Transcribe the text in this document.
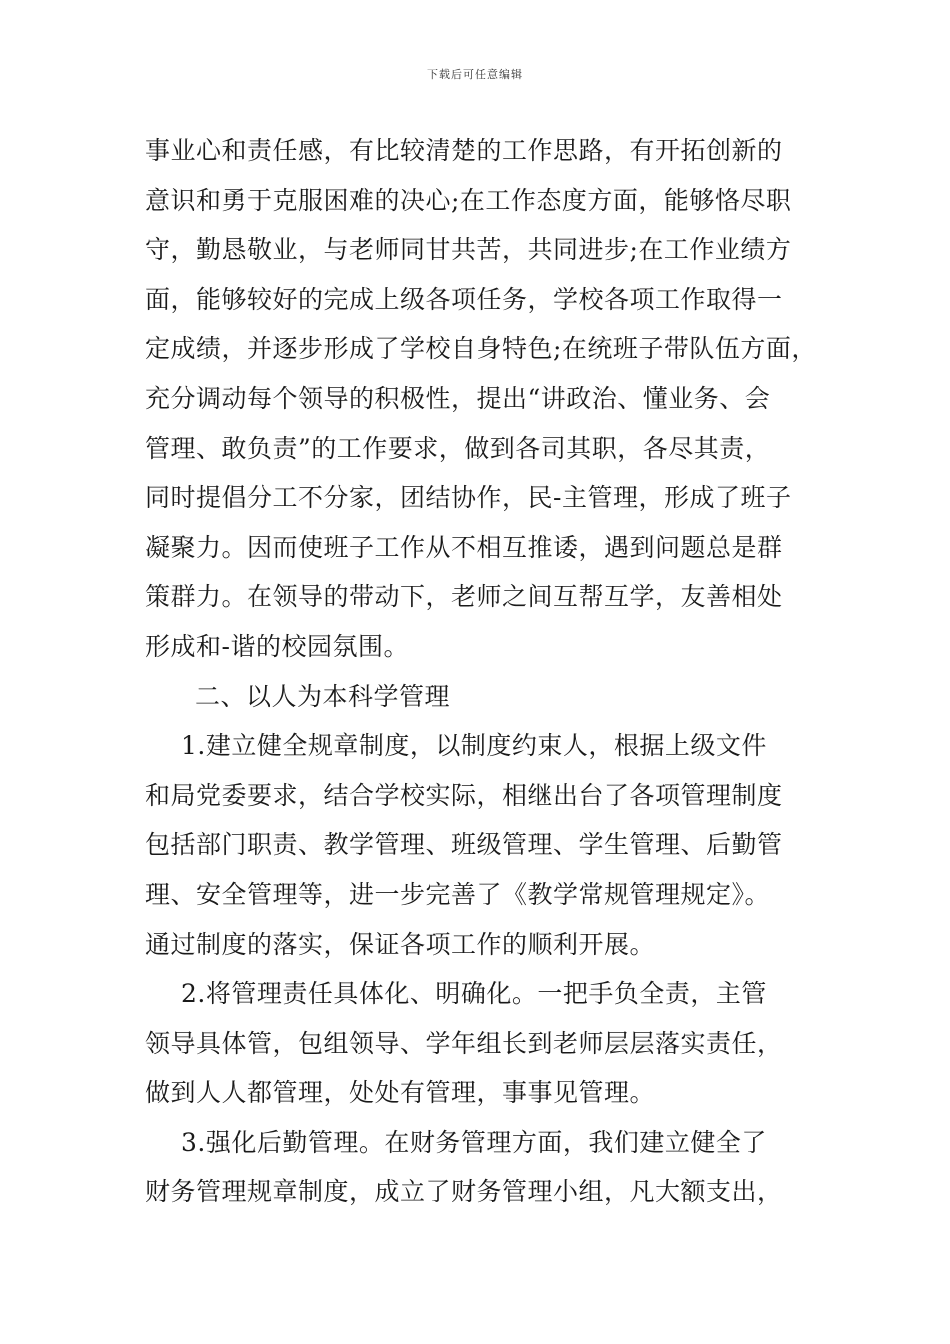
下载后可任意编辑
事业心和责任感，有比较清楚的工作思路，有开拓创新的
意识和勇于克服困难的决心;在工作态度方面，能够恪尽职
守，勤恳敬业，与老师同甘共苦，共同进步;在工作业绩方
面，能够较好的完成上级各项任务，学校各项工作取得一
定成绩，并逐步形成了学校自身特色;在统班子带队伍方面，
充分调动每个领导的积极性，提出“讲政治、懂业务、会
管理、敢负责”的工作要求，做到各司其职，各尽其责，
同时提倡分工不分家，团结协作，民-主管理，形成了班子
凝聚力。因而使班子工作从不相互推诿，遇到问题总是群
策群力。在领导的带动下，老师之间互帮互学，友善相处
形成和-谐的校园氛围。
二、以人为本科学管理
1.建立健全规章制度，以制度约束人，根据上级文件
和局党委要求，结合学校实际，相继出台了各项管理制度
包括部门职责、教学管理、班级管理、学生管理、后勤管
理、安全管理等，进一步完善了《教学常规管理规定》。
通过制度的落实，保证各项工作的顺利开展。
2.将管理责任具体化、明确化。一把手负全责，主管
领导具体管，包组领导、学年组长到老师层层落实责任，
做到人人都管理，处处有管理，事事见管理。
3.强化后勤管理。在财务管理方面，我们建立健全了
财务管理规章制度，成立了财务管理小组，凡大额支出，
